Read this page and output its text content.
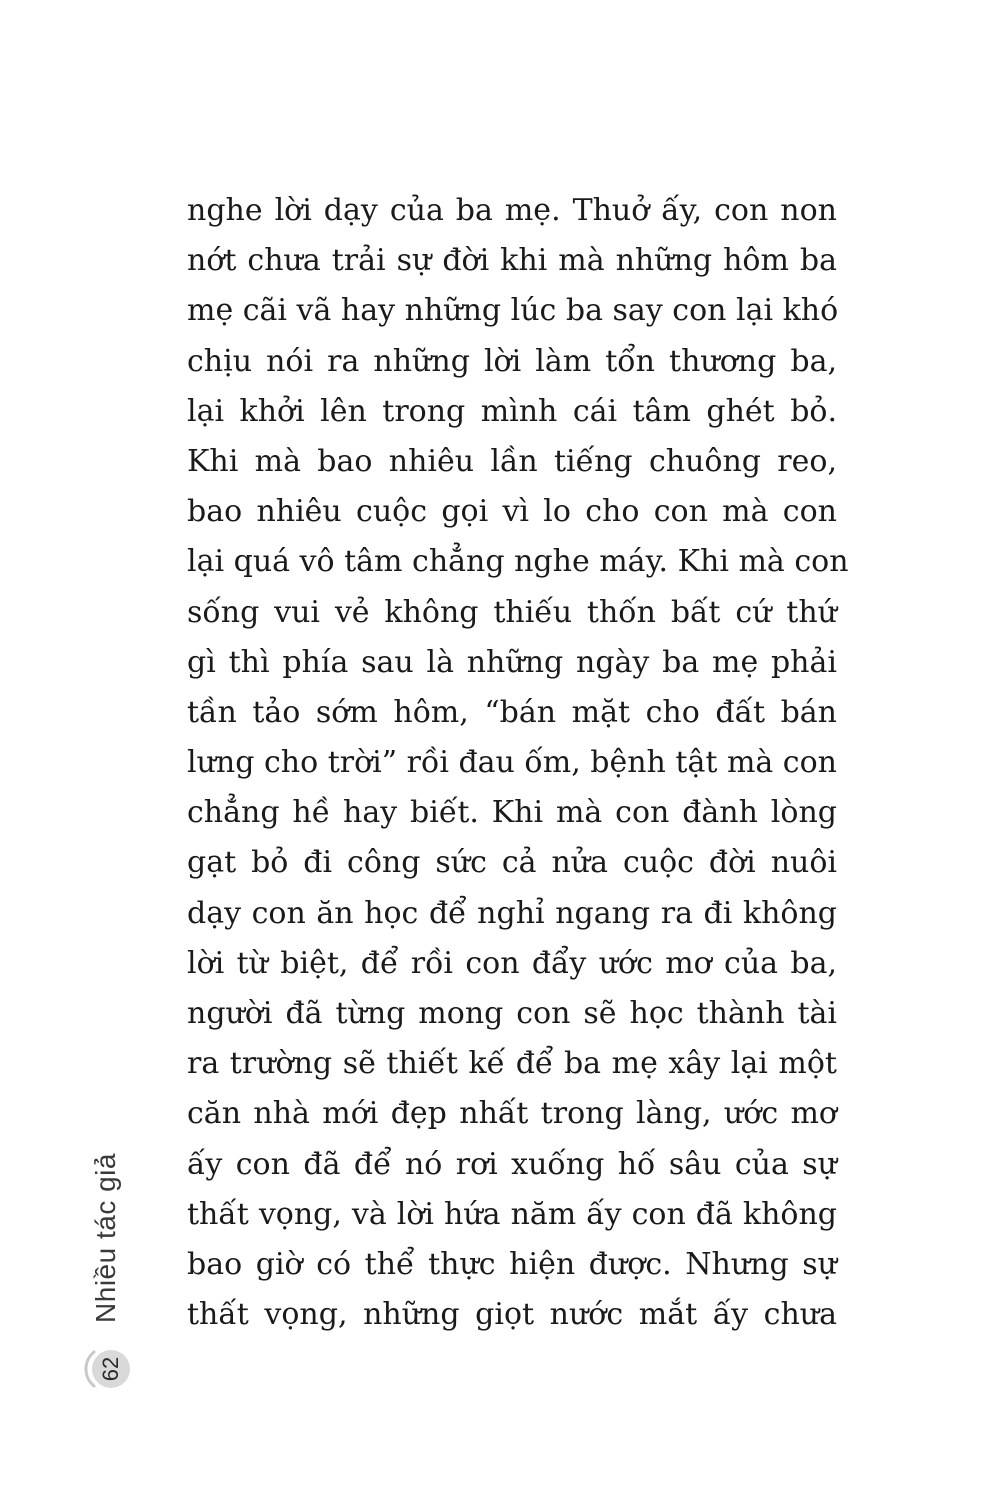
nghe lời dạy của ba mẹ. Thuở ấy, con non
nớt chưa trải sự đời khi mà những hôm ba
mẹ cãi vã hay những lúc ba say con lại khó
chịu nói ra những lời làm tổn thương ba,
lại khởi lên trong mình cái tâm ghét bỏ.
Khi mà bao nhiêu lần tiếng chuông reo,
bao nhiêu cuộc gọi vì lo cho con mà con
lại quá vô tâm chẳng nghe máy. Khi mà con
sống vui vẻ không thiếu thốn bất cứ thứ
gì thì phía sau là những ngày ba mẹ phải
tần tảo sớm hôm, “bán mặt cho đất bán
lưng cho trời” rồi đau ốm, bệnh tật mà con
chẳng hề hay biết. Khi mà con đành lòng
gạt bỏ đi công sức cả nửa cuộc đời nuôi
dạy con ăn học để nghỉ ngang ra đi không
lời từ biệt, để rồi con đẩy ước mơ của ba,
người đã từng mong con sẽ học thành tài
ra trường sẽ thiết kế để ba mẹ xây lại một
căn nhà mới đẹp nhất trong làng, ước mơ
ấy con đã để nó rơi xuống hố sâu của sự
thất vọng, và lời hứa năm ấy con đã không
bao giờ có thể thực hiện được. Nhưng sự
thất vọng, những giọt nước mắt ấy chưa
Nhiều tác giả
62
